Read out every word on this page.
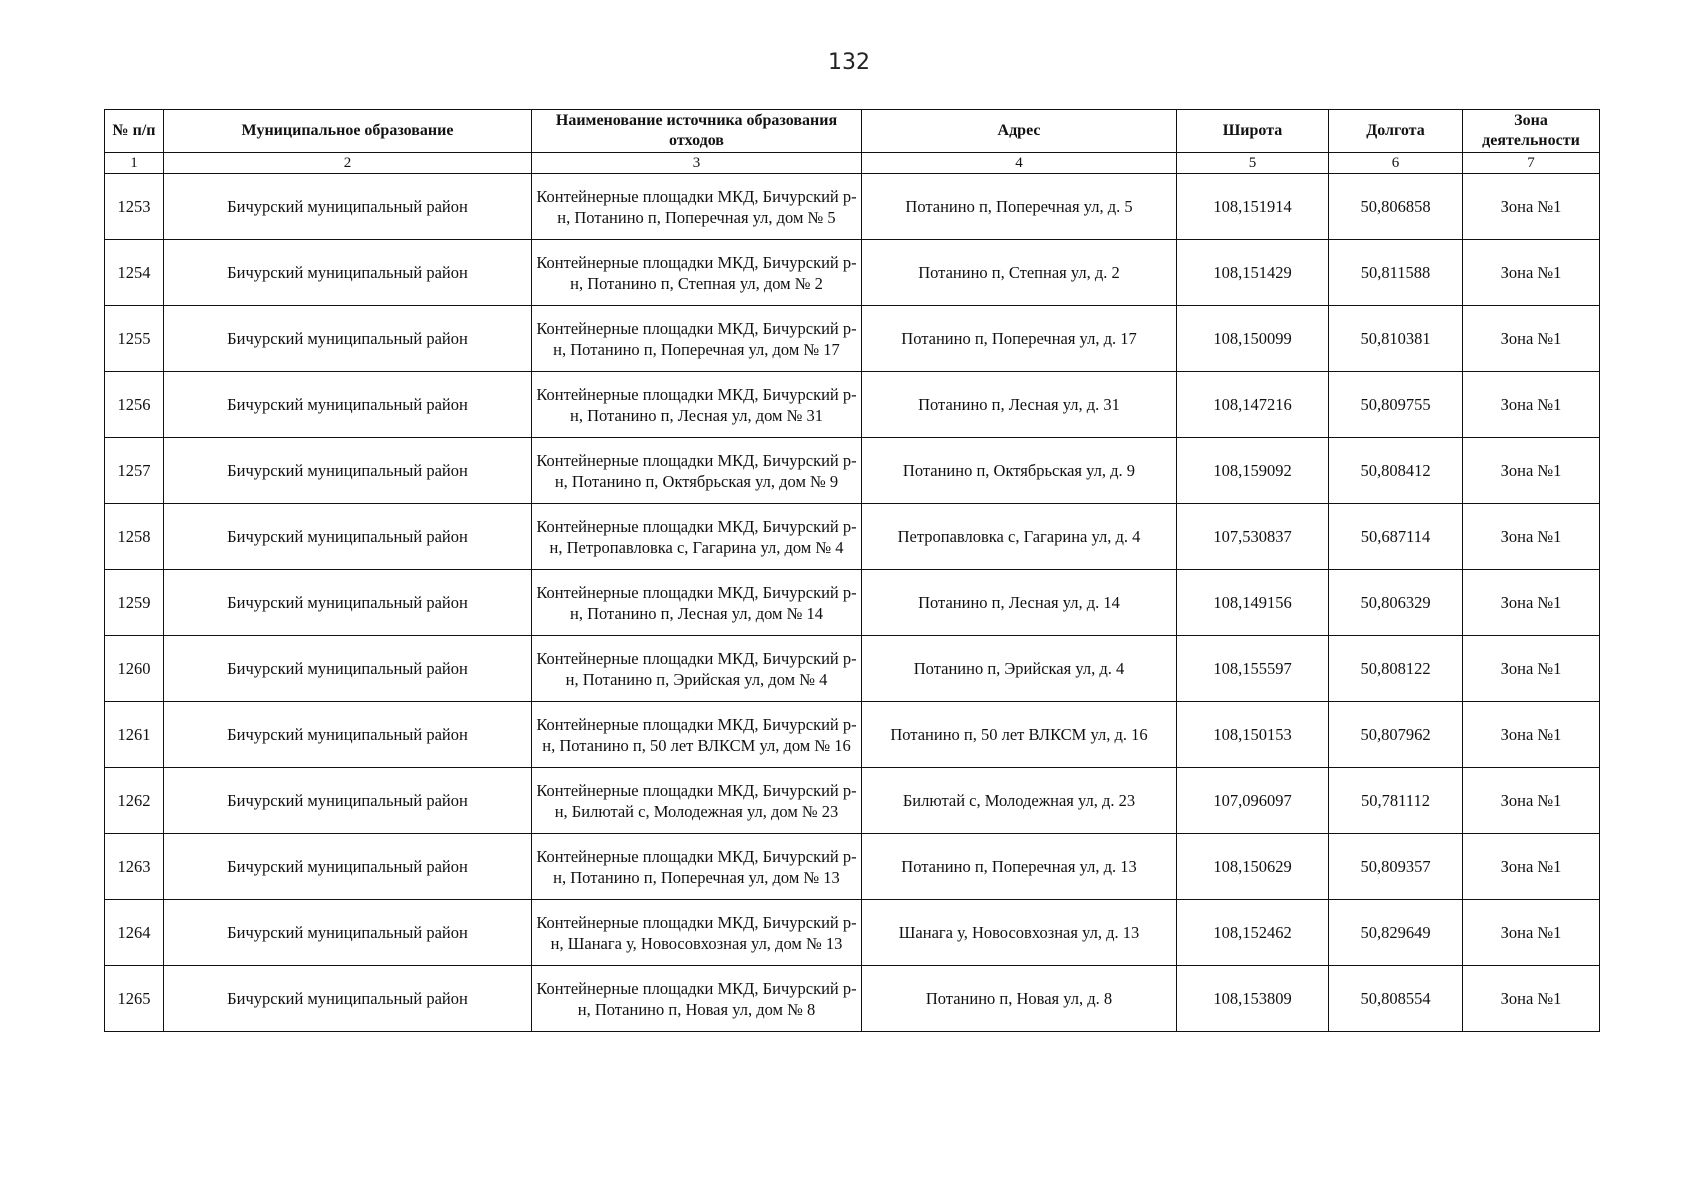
132
№ п/п	Муниципальное образование	Наименование источника образования отходов	Адрес	Широта	Долгота	Зона деятельности
1	2	3	4	5	6	7
1253	Бичурский муниципальный район	Контейнерные площадки МКД, Бичурский р-н, Потанино п, Поперечная ул, дом № 5	Потанино п, Поперечная ул, д. 5	108,151914	50,806858	Зона №1
1254	Бичурский муниципальный район	Контейнерные площадки МКД, Бичурский р-н, Потанино п, Степная ул, дом № 2	Потанино п, Степная ул, д. 2	108,151429	50,811588	Зона №1
1255	Бичурский муниципальный район	Контейнерные площадки МКД, Бичурский р-н, Потанино п, Поперечная ул, дом № 17	Потанино п, Поперечная ул, д. 17	108,150099	50,810381	Зона №1
1256	Бичурский муниципальный район	Контейнерные площадки МКД, Бичурский р-н, Потанино п, Лесная ул, дом № 31	Потанино п, Лесная ул, д. 31	108,147216	50,809755	Зона №1
1257	Бичурский муниципальный район	Контейнерные площадки МКД, Бичурский р-н, Потанино п, Октябрьская ул, дом № 9	Потанино п, Октябрьская ул, д. 9	108,159092	50,808412	Зона №1
1258	Бичурский муниципальный район	Контейнерные площадки МКД, Бичурский р-н, Петропавловка с, Гагарина ул, дом № 4	Петропавловка с, Гагарина ул, д. 4	107,530837	50,687114	Зона №1
1259	Бичурский муниципальный район	Контейнерные площадки МКД, Бичурский р-н, Потанино п, Лесная ул, дом № 14	Потанино п, Лесная ул, д. 14	108,149156	50,806329	Зона №1
1260	Бичурский муниципальный район	Контейнерные площадки МКД, Бичурский р-н, Потанино п, Эрийская ул, дом № 4	Потанино п, Эрийская ул, д. 4	108,155597	50,808122	Зона №1
1261	Бичурский муниципальный район	Контейнерные площадки МКД, Бичурский р-н, Потанино п, 50 лет ВЛКСМ ул, дом № 16	Потанино п, 50 лет ВЛКСМ ул, д. 16	108,150153	50,807962	Зона №1
1262	Бичурский муниципальный район	Контейнерные площадки МКД, Бичурский р-н, Билютай с, Молодежная ул, дом № 23	Билютай с, Молодежная ул, д. 23	107,096097	50,781112	Зона №1
1263	Бичурский муниципальный район	Контейнерные площадки МКД, Бичурский р-н, Потанино п, Поперечная ул, дом № 13	Потанино п, Поперечная ул, д. 13	108,150629	50,809357	Зона №1
1264	Бичурский муниципальный район	Контейнерные площадки МКД, Бичурский р-н, Шанага у, Новосовхозная ул, дом № 13	Шанага у, Новосовхозная ул, д. 13	108,152462	50,829649	Зона №1
1265	Бичурский муниципальный район	Контейнерные площадки МКД, Бичурский р-н, Потанино п, Новая ул, дом № 8	Потанино п, Новая ул, д. 8	108,153809	50,808554	Зона №1
